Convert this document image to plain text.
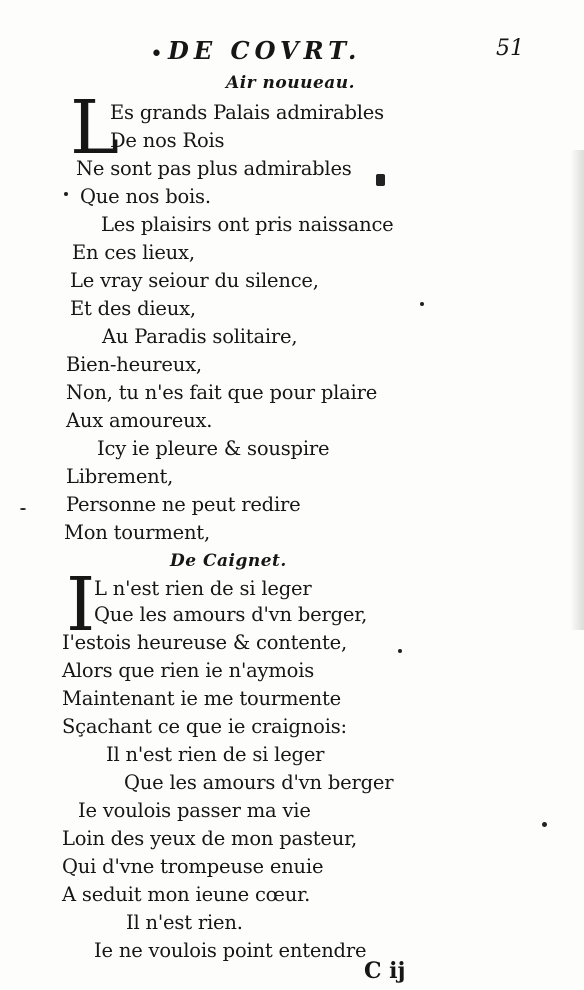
• DE COVRT.	51
Air nouueau.
L
Es grands Palais admirables
De nos Rois
Ne sont pas plus admirables
Que nos bois.
Les plaisirs ont pris naissance
En ces lieux,
Le vray seiour du silence,
Et des dieux,
Au Paradis solitaire,
Bien-heureux,
Non, tu n'es fait que pour plaire
Aux amoureux.
Icy ie pleure & souspire
Librement,
Personne ne peut redire
Mon tourment,
De Caignet.
I
L n'est rien de si leger
Que les amours d'vn berger,
I'estois heureuse & contente,
Alors que rien ie n'aymois
Maintenant ie me tourmente
Sçachant ce que ie craignois:
Il n'est rien de si leger
Que les amours d'vn berger
Ie voulois passer ma vie
Loin des yeux de mon pasteur,
Qui d'vne trompeuse enuie
A seduit mon ieune cœur.
Il n'est rien.
Ie ne voulois point entendre
C ij
